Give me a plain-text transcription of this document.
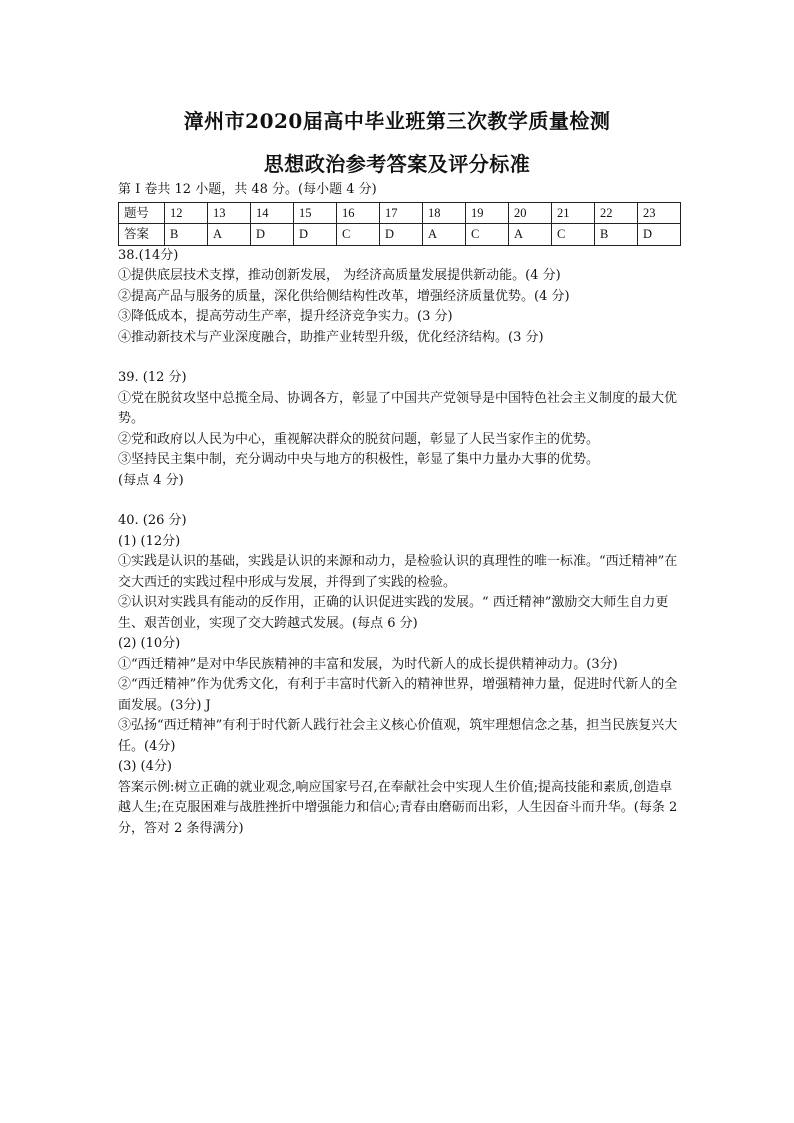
漳州市2020届高中毕业班第三次教学质量检测
思想政治参考答案及评分标准
第 I 卷共 12 小题，共 48 分。(每小题 4 分)
题号	12	13	14	15	16	17	18	19	20	21	22	23
答案	B	A	D	D	C	D	A	C	A	C	B	D
38.(14分)
①提供底层技术支撑，推动创新发展， 为经济高质量发展提供新动能。(4 分)
②提高产品与服务的质量，深化供给侧结构性改革，增强经济质量优势。(4 分)
③降低成本，提高劳动生产率，提升经济竞争实力。(3 分)
④推动新技术与产业深度融合，助推产业转型升级，优化经济结构。(3 分)
39. (12 分)
①党在脱贫攻坚中总揽全局、协调各方，彰显了中国共产党领导是中国特色社会主义制度的最大优势。
②党和政府以人民为中心，重视解决群众的脱贫问题，彰显了人民当家作主的优势。
③坚持民主集中制，充分调动中央与地方的积极性，彰显了集中力量办大事的优势。
(每点 4 分)
40. (26 分)
(1) (12分)
①实践是认识的基础，实践是认识的来源和动力，是检验认识的真理性的唯一标准。“西迁精神”在交大西迁的实践过程中形成与发展，并得到了实践的检验。
②认识对实践具有能动的反作用，正确的认识促进实践的发展。“ 西迁精神”激励交大师生自力更生、艰苦创业，实现了交大跨越式发展。(每点 6 分)
(2) (10分)
①“西迁精神”是对中华民族精神的丰富和发展，为时代新人的成长提供精神动力。(3分)
②“西迁精神”作为优秀文化，有利于丰富时代新入的精神世界，增强精神力量，促进时代新人的全面发展。(3分) J
③弘扬“西迁精神”有利于时代新人践行社会主义核心价值观，筑牢理想信念之基，担当民族复兴大任。(4分)
(3) (4分)
答案示例:树立正确的就业观念,响应国家号召,在奉献社会中实现人生价值;提高技能和素质,创造卓越人生;在克服困难与战胜挫折中增强能力和信心;青春由磨砺而出彩，人生因奋斗而升华。(每条 2 分，答对 2 条得满分)
